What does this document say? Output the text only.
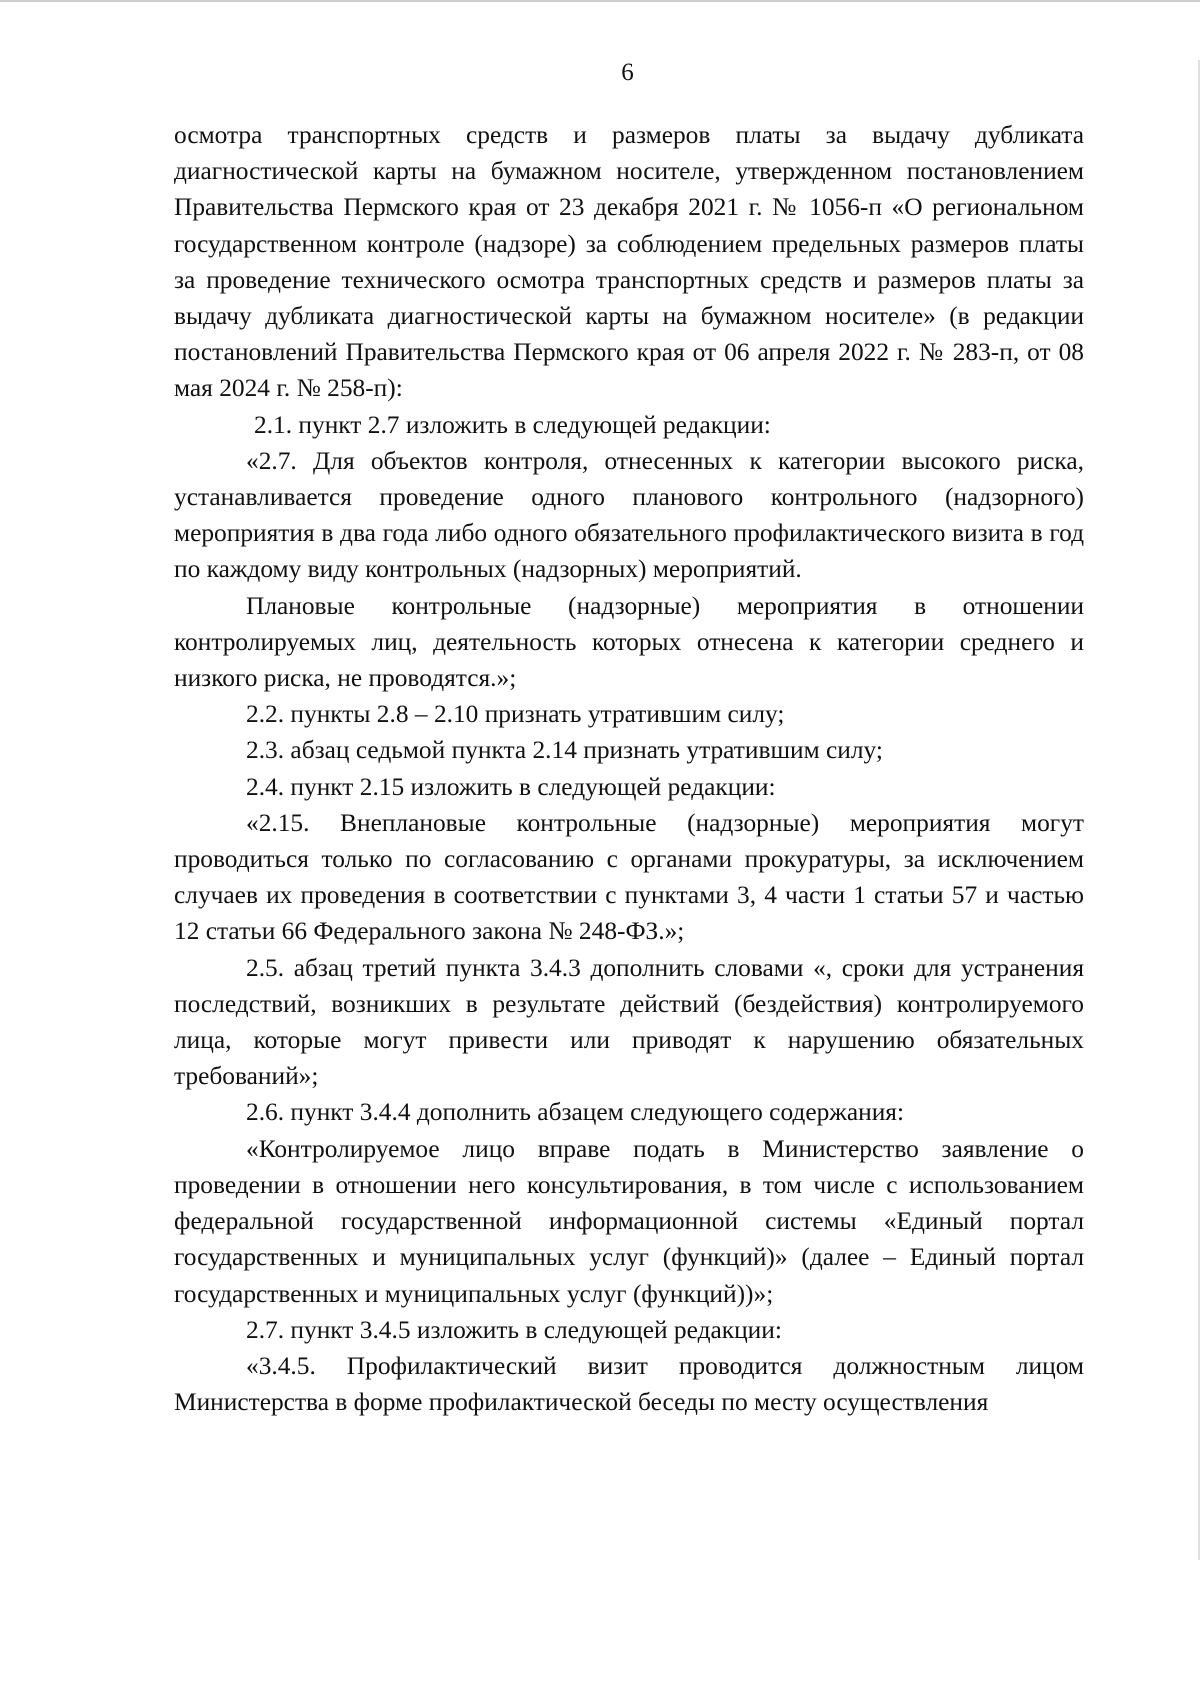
6

осмотра транспортных средств и размеров платы за выдачу дубликата диагностической карты на бумажном носителе, утвержденном постановлением Правительства Пермского края от 23 декабря 2021 г. № 1056-п «О региональном государственном контроле (надзоре) за соблюдением предельных размеров платы за проведение технического осмотра транспортных средств и размеров платы за выдачу дубликата диагностической карты на бумажном носителе» (в редакции постановлений Правительства Пермского края от 06 апреля 2022 г. № 283-п, от 08 мая 2024 г. № 258-п):

2.1. пункт 2.7 изложить в следующей редакции:

«2.7. Для объектов контроля, отнесенных к категории высокого риска, устанавливается проведение одного планового контрольного (надзорного) мероприятия в два года либо одного обязательного профилактического визита в год по каждому виду контрольных (надзорных) мероприятий.

Плановые контрольные (надзорные) мероприятия в отношении контролируемых лиц, деятельность которых отнесена к категории среднего и низкого риска, не проводятся.»;

2.2. пункты 2.8 – 2.10 признать утратившим силу;

2.3. абзац седьмой пункта 2.14 признать утратившим силу;

2.4. пункт 2.15 изложить в следующей редакции:

«2.15. Внеплановые контрольные (надзорные) мероприятия могут проводиться только по согласованию с органами прокуратуры, за исключением случаев их проведения в соответствии с пунктами 3, 4 части 1 статьи 57 и частью 12 статьи 66 Федерального закона № 248-ФЗ.»;

2.5. абзац третий пункта 3.4.3 дополнить словами «, сроки для устранения последствий, возникших в результате действий (бездействия) контролируемого лица, которые могут привести или приводят к нарушению обязательных требований»;

2.6. пункт 3.4.4 дополнить абзацем следующего содержания:

«Контролируемое лицо вправе подать в Министерство заявление о проведении в отношении него консультирования, в том числе с использованием федеральной государственной информационной системы «Единый портал государственных и муниципальных услуг (функций)» (далее – Единый портал государственных и муниципальных услуг (функций))»;

2.7. пункт 3.4.5 изложить в следующей редакции:

«3.4.5. Профилактический визит проводится должностным лицом Министерства в форме профилактической беседы по месту осуществления
